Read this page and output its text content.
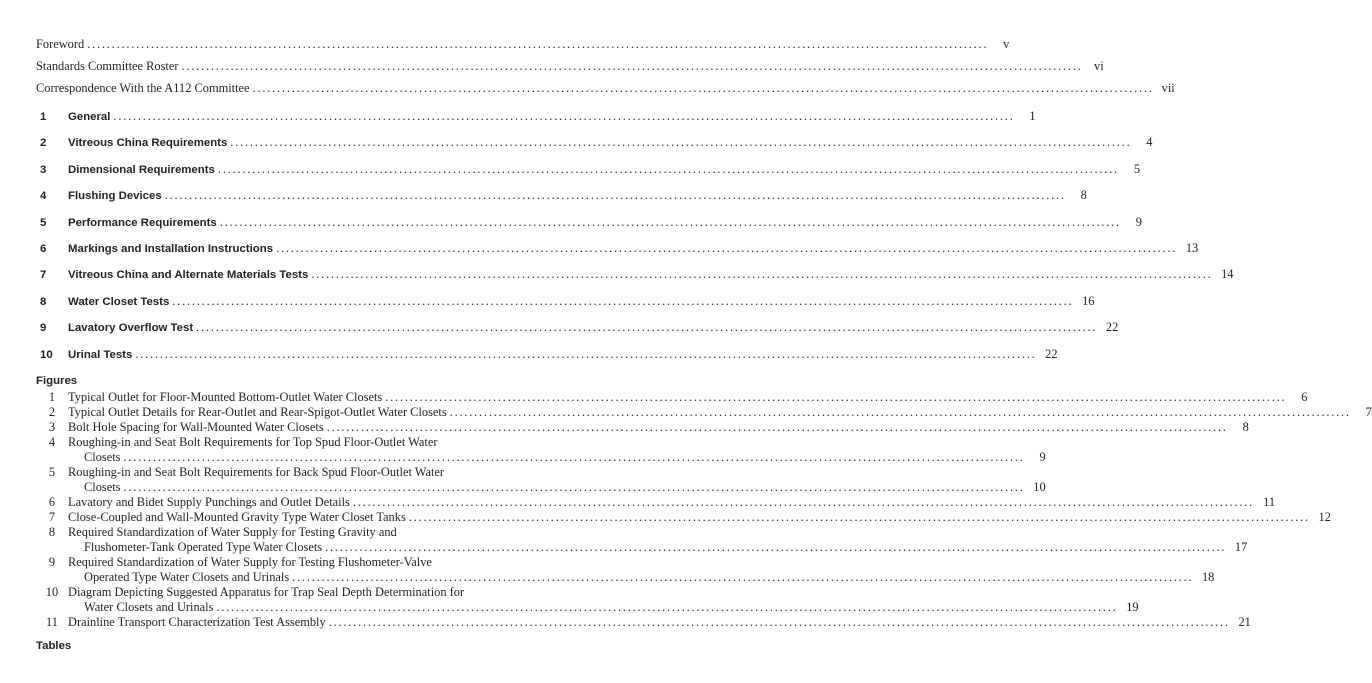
Foreword ........................................................................................................................................................................................	v
Standards Committee Roster ........................................................................................................................................................................................ vi
Correspondence With the A112 Committee ........................................................................................................................................................................................ vii
1	General ........................................................................................................................................................................................	1
2	Vitreous China Requirements ........................................................................................................................................................................................	4
3	Dimensional Requirements ........................................................................................................................................................................................	5
4	Flushing Devices ........................................................................................................................................................................................	8
5	Performance Requirements ........................................................................................................................................................................................	9
6	Markings and Installation Instructions ........................................................................................................................................................................................ 13
7	Vitreous China and Alternate Materials Tests ........................................................................................................................................................................................ 14
8	Water Closet Tests ........................................................................................................................................................................................ 16
9	Lavatory Overflow Test ........................................................................................................................................................................................ 22
10	Urinal Tests ........................................................................................................................................................................................ 22
Figures
1	Typical Outlet for Floor-Mounted Bottom-Outlet Water Closets ........................................................................................................................................................................................	6
2	Typical Outlet Details for Rear-Outlet and Rear-Spigot-Outlet Water Closets ........................................................................................................................................................................................	7
3	Bolt Hole Spacing for Wall-Mounted Water Closets ........................................................................................................................................................................................	8
4	Roughing-in and Seat Bolt Requirements for Top Spud Floor-Outlet Water
Closets ........................................................................................................................................................................................	9
5	Roughing-in and Seat Bolt Requirements for Back Spud Floor-Outlet Water
Closets ........................................................................................................................................................................................ 10
6	Lavatory and Bidet Supply Punchings and Outlet Details ........................................................................................................................................................................................ 11
7	Close-Coupled and Wall-Mounted Gravity Type Water Closet Tanks ........................................................................................................................................................................................ 12
8	Required Standardization of Water Supply for Testing Gravity and
Flushometer-Tank Operated Type Water Closets ........................................................................................................................................................................................ 17
9	Required Standardization of Water Supply for Testing Flushometer-Valve
Operated Type Water Closets and Urinals ........................................................................................................................................................................................ 18
10 Diagram Depicting Suggested Apparatus for Trap Seal Depth Determination for
Water Closets and Urinals ........................................................................................................................................................................................ 19
11 Drainline Transport Characterization Test Assembly ........................................................................................................................................................................................ 21
Tables
